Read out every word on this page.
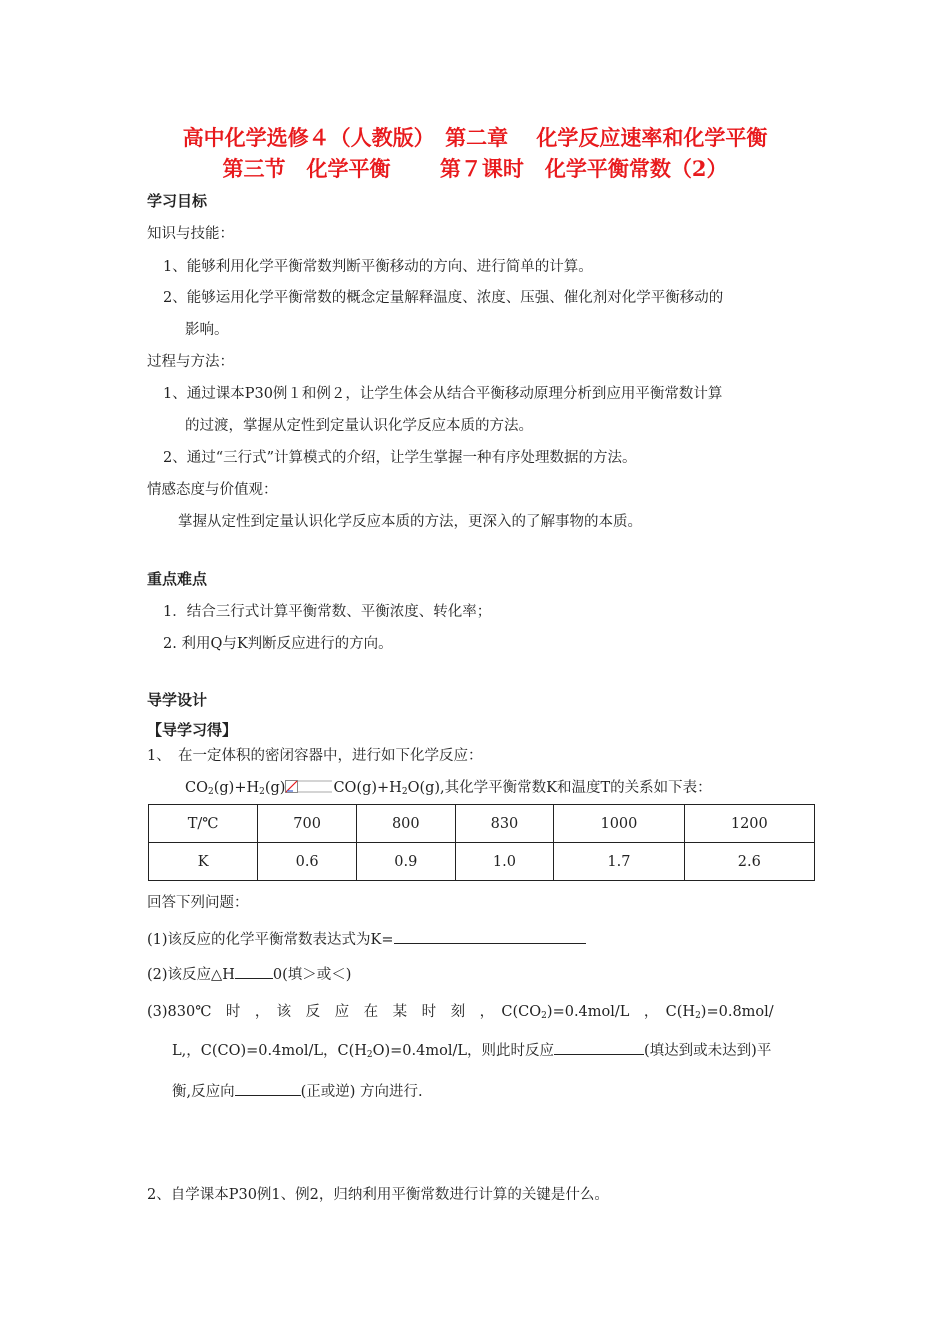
高中化学选修４（人教版）　第二章　 化学反应速率和化学平衡
第三节　化学平衡　　 第７课时　化学平衡常数（2）
学习目标
知识与技能：
1、能够利用化学平衡常数判断平衡移动的方向、进行简单的计算。
2、能够运用化学平衡常数的概念定量解释温度、浓度、压强、催化剂对化学平衡移动的
影响。
过程与方法：
1、通过课本P30例１和例２，让学生体会从结合平衡移动原理分析到应用平衡常数计算
的过渡，掌握从定性到定量认识化学反应本质的方法。
2、通过“三行式”计算模式的介绍，让学生掌握一种有序处理数据的方法。
情感态度与价值观：
掌握从定性到定量认识化学反应本质的方法，更深入的了解事物的本质。
重点难点
1．结合三行式计算平衡常数、平衡浓度、转化率；
2. 利用Q与K判断反应进行的方向。
导学设计
【导学习得】
1、　在一定体积的密闭容器中，进行如下化学反应：
$CO_2(g)+H_2(g)$	$CO(g)+H_2O(g)$,其化学平衡常数K和温度T的关系如下表：
T/℃	700	800	830	1000	1200
K	0.6	0.9	1.0	1.7	2.6
回答下列问题：
(1)该反应的化学平衡常数表达式为K=
(2)该反应△H	0(填＞或＜)
(3)830℃　时　，　该　反　应　在　某　时　刻　，　$C(CO_2)=0.4mol/L$　，　$C(H_2)=0.8mol/$
L,，C(CO)=0.4mol/L，$C(H_2O)=0.4mol/L$，则此时反应	(填达到或未达到)平
衡,反应向	(正或逆) 方向进行.
2、自学课本P30例1、例2，归纳利用平衡常数进行计算的关键是什么。
